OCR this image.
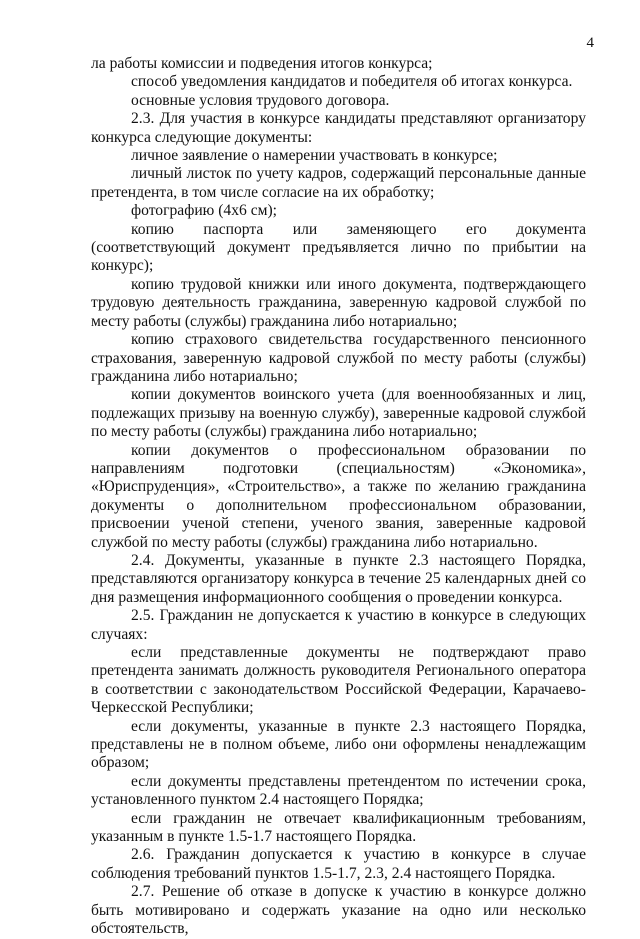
4

ла работы комиссии и подведения итогов конкурса;

способ уведомления кандидатов и победителя об итогах конкурса.

основные условия трудового договора.

2.3. Для участия в конкурсе кандидаты представляют организатору конкурса следующие документы:

личное заявление о намерении участвовать в конкурсе;

личный листок по учету кадров, содержащий персональные данные претендента, в том числе согласие на их обработку;

фотографию (4х6 см);

копию паспорта или заменяющего его документа (соответствующий документ предъявляется лично по прибытии на конкурс);

копию трудовой книжки или иного документа, подтверждающего трудовую деятельность гражданина, заверенную кадровой службой по месту работы (службы) гражданина либо нотариально;

копию страхового свидетельства государственного пенсионного страхования, заверенную кадровой службой по месту работы (службы) гражданина либо нотариально;

копии документов воинского учета (для военнообязанных и лиц, подлежащих призыву на военную службу), заверенные кадровой службой по месту работы (службы) гражданина либо нотариально;

копии документов о профессиональном образовании по направлениям подготовки (специальностям) «Экономика», «Юриспруденция», «Строительство», а также по желанию гражданина документы о дополнительном профессиональном образовании, присвоении ученой степени, ученого звания, заверенные кадровой службой по месту работы (службы) гражданина либо нотариально.

2.4. Документы, указанные в пункте 2.3 настоящего Порядка, представляются организатору конкурса в течение 25 календарных дней со дня размещения информационного сообщения о проведении конкурса.

2.5. Гражданин не допускается к участию в конкурсе в следующих случаях:

если представленные документы не подтверждают право претендента занимать должность руководителя Регионального оператора в соответствии с законодательством Российской Федерации, Карачаево-Черкесской Республики;

если документы, указанные в пункте 2.3 настоящего Порядка, представлены не в полном объеме, либо они оформлены ненадлежащим образом;

если документы представлены претендентом по истечении срока, установленного пунктом 2.4 настоящего Порядка;

если гражданин не отвечает квалификационным требованиям, указанным в пункте 1.5-1.7 настоящего Порядка.

2.6. Гражданин допускается к участию в конкурсе в случае соблюдения требований пунктов 1.5-1.7, 2.3, 2.4 настоящего Порядка.

2.7. Решение об отказе в допуске к участию в конкурсе должно быть мотивировано и содержать указание на одно или несколько обстоятельств,
